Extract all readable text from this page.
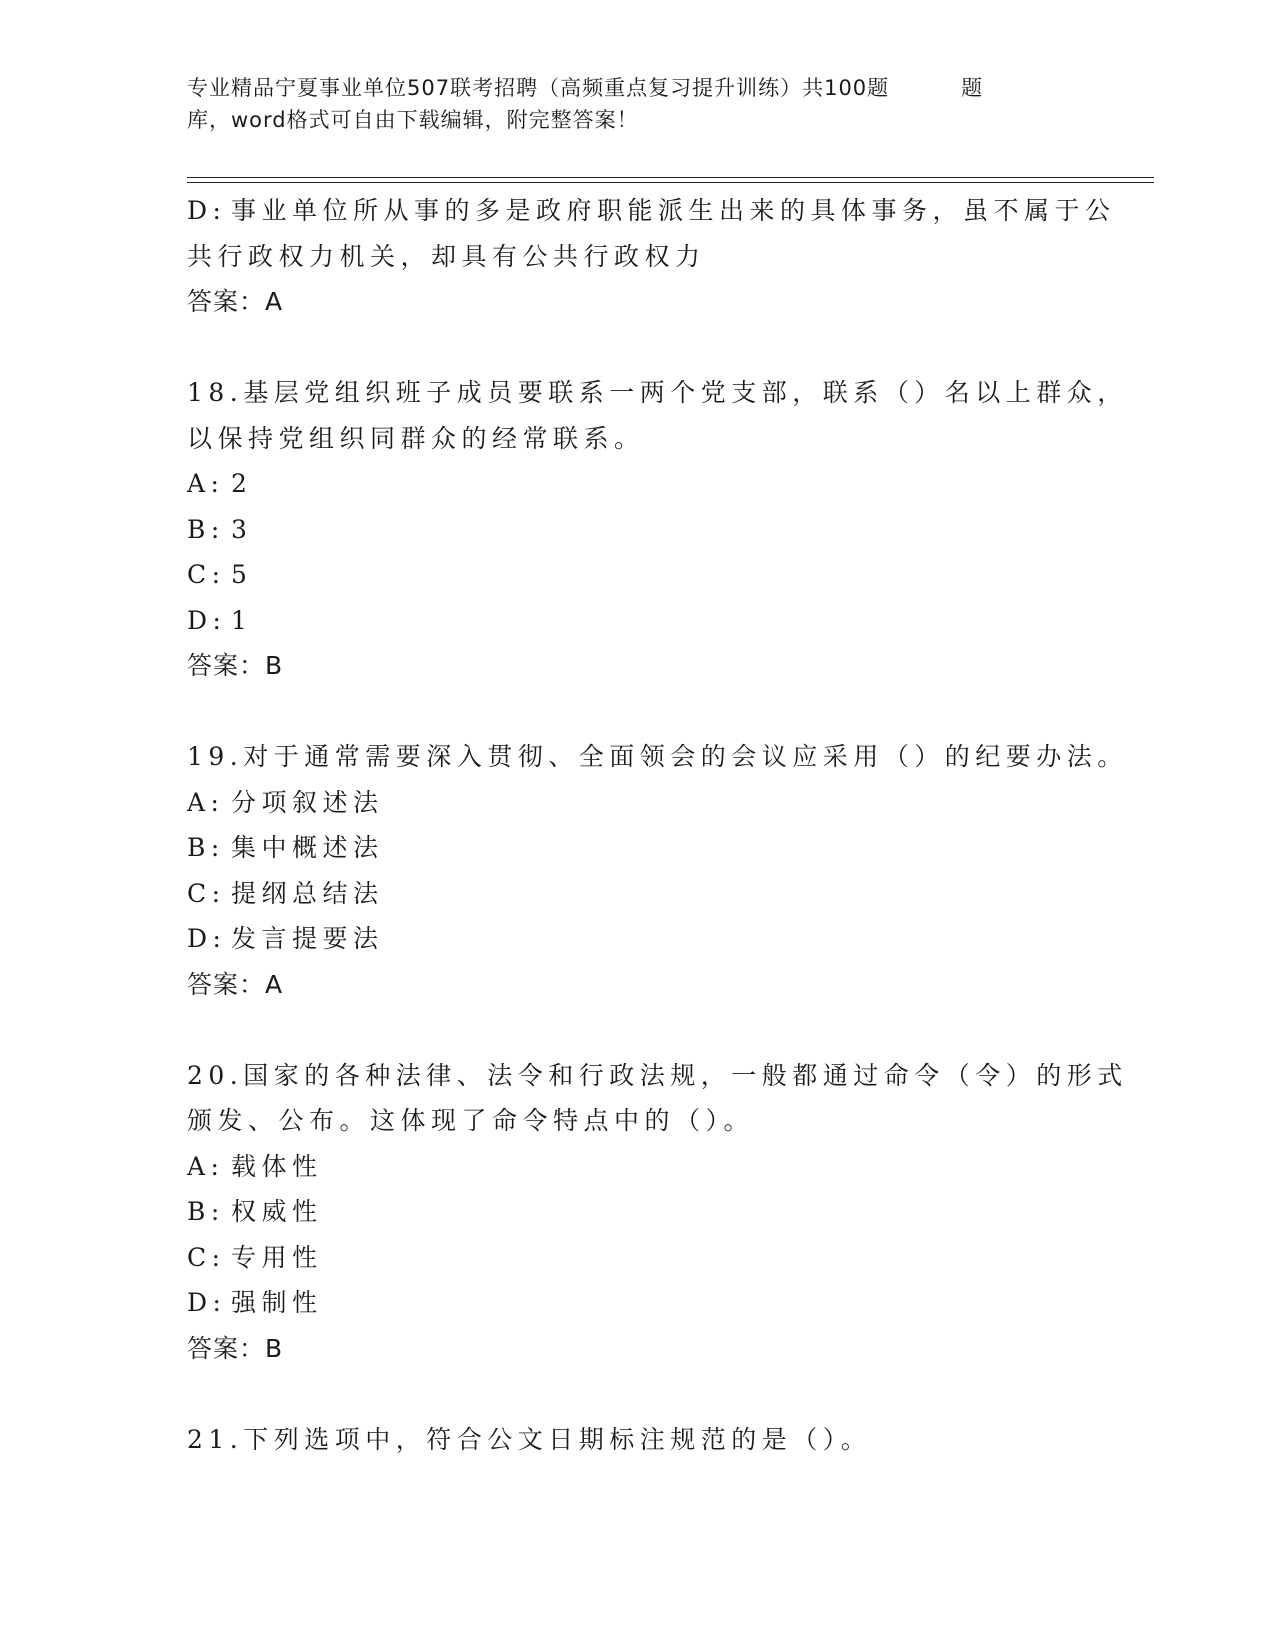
专业精品宁夏事业单位507联考招聘（高频重点复习提升训练）共100题	题
库，word格式可自由下载编辑，附完整答案！
D: 事业单位所从事的多是政府职能派生出来的具体事务，虽不属于公
共行政权力机关，却具有公共行政权力
答案：A
18.基层党组织班子成员要联系一两个党支部，联系（）名以上群众，
以保持党组织同群众的经常联系。
A: 2
B: 3
C: 5
D: 1
答案：B
19.对于通常需要深入贯彻、全面领会的会议应采用（）的纪要办法。
A: 分项叙述法
B: 集中概述法
C: 提纲总结法
D: 发言提要法
答案：A
20.国家的各种法律、法令和行政法规，一般都通过命令（令）的形式
颁发、公布。这体现了命令特点中的（）。
A: 载体性
B: 权威性
C: 专用性
D: 强制性
答案：B
21.下列选项中，符合公文日期标注规范的是（）。
